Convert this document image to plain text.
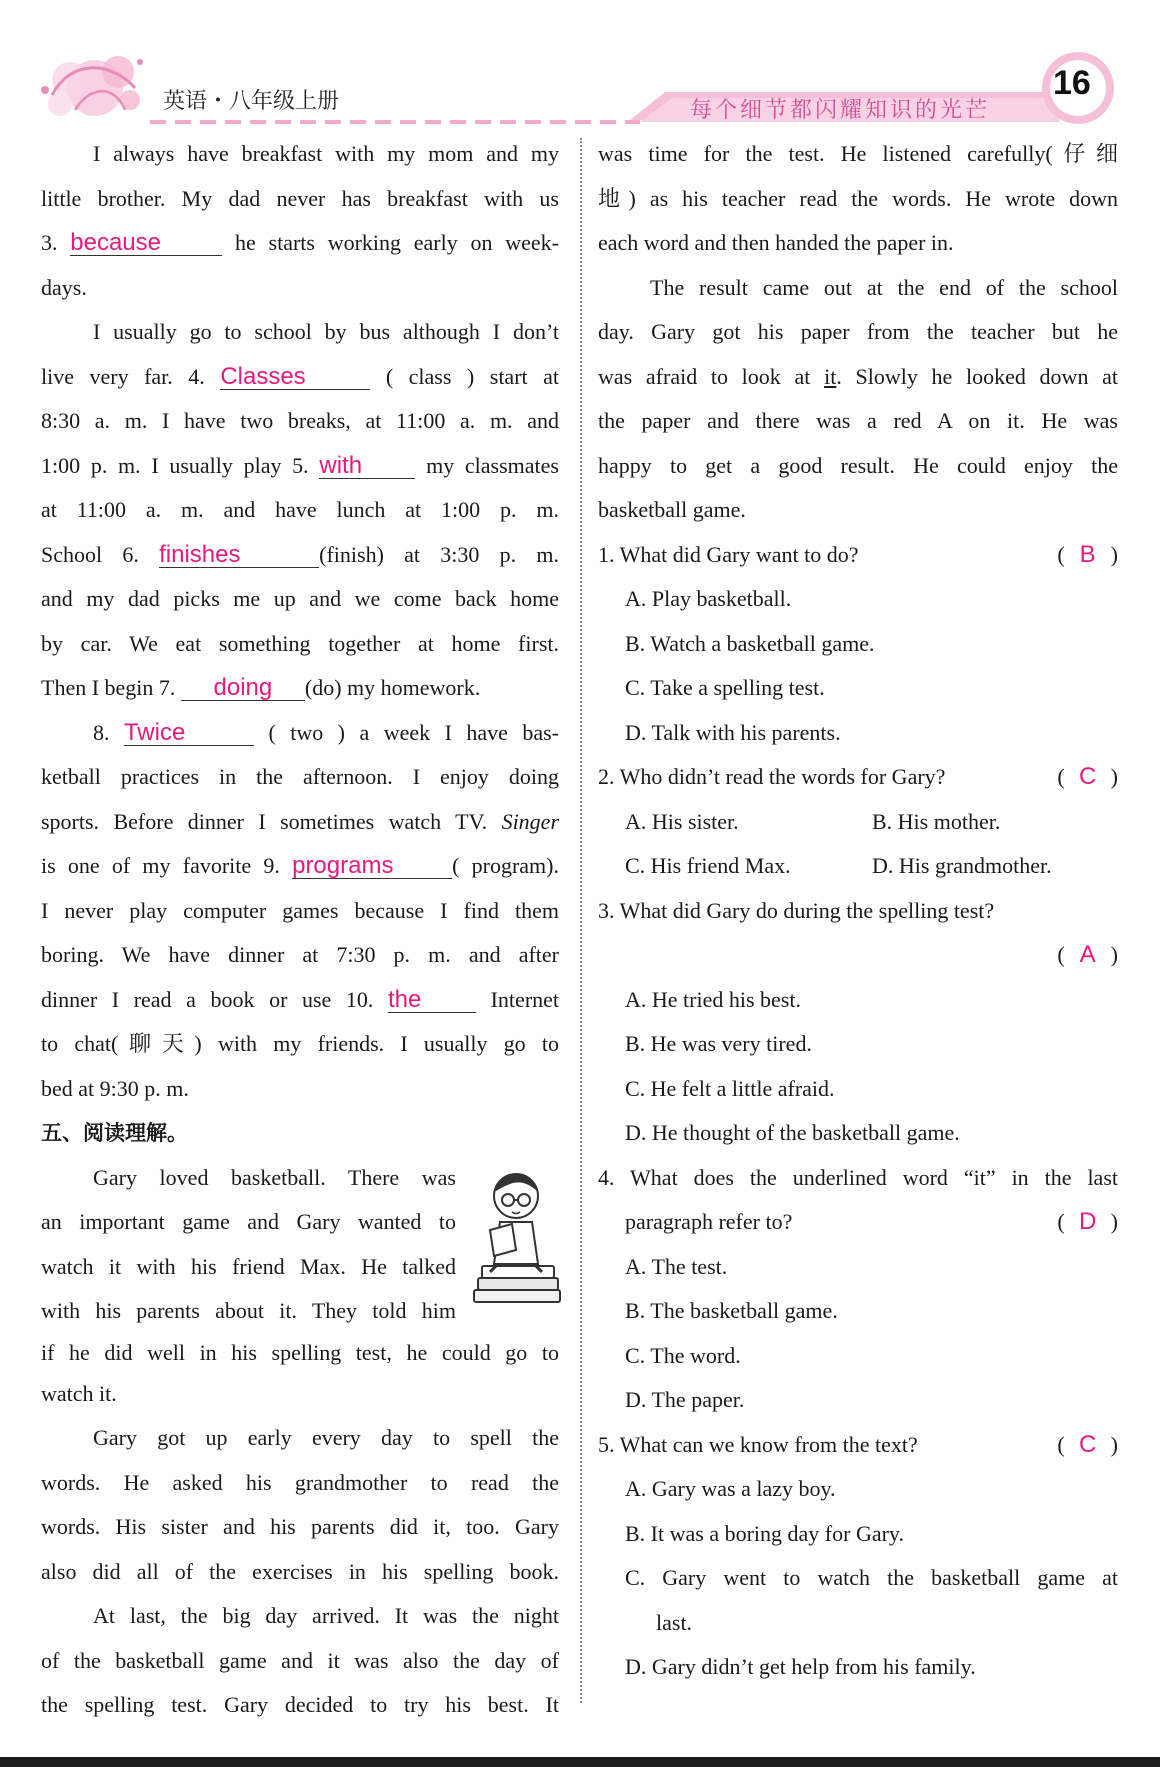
英语・八年级上册	每个细节都闪耀知识的光芒
16

I always have breakfast with my mom and my

little brother. My dad never has breakfast with us

3. because	he starts working early on week-

days.

I usually go to school by bus although I don’t

live very far. 4. Classes	( class ) start at

8:30 a. m. I have two breaks, at 11:00 a. m. and

1:00 p. m. I usually play 5. with	my classmates

at 11:00 a. m. and have lunch at 1:00 p. m.

School 6. finishes	(finish) at 3:30 p. m.

and my dad picks me up and we come back home

by car. We eat something together at home first.

Then I begin 7. doing (do) my homework.

8. Twice	( two ) a week I have bas-

ketball practices in the afternoon. I enjoy doing

sports. Before dinner I sometimes watch TV. Singer

is one of my favorite 9. programs	( program).

I never play computer games because I find them

boring. We have dinner at 7:30 p. m. and after

dinner I read a book or use 10. the	Internet

to chat(聊天) with my friends. I usually go to

bed at 9:30 p. m.

五、阅读理解。

Gary loved basketball. There was

an important game and Gary wanted to

watch it with his friend Max. He talked

with his parents about it. They told him

if he did well in his spelling test, he could go to

watch it.

Gary got up early every day to spell the

words. He asked his grandmother to read the

words. His sister and his parents did it, too. Gary

also did all of the exercises in his spelling book.

At last, the big day arrived. It was the night

of the basketball game and it was also the day of

the spelling test. Gary decided to try his best. It

was time for the test. He listened carefully(仔细

地) as his teacher read the words. He wrote down

each word and then handed the paper in.

The result came out at the end of the school

day. Gary got his paper from the teacher but he

was afraid to look at it. Slowly he looked down at

the paper and there was a red A on it. He was

happy to get a good result. He could enjoy the

basketball game.

1. What did Gary want to do?	( B )

A. Play basketball.

B. Watch a basketball game.

C. Take a spelling test.

D. Talk with his parents.

2. Who didn’t read the words for Gary?	( C )

A. His sister.	B. His mother.

C. His friend Max.	D. His grandmother.

3. What did Gary do during the spelling test?

( A )

A. He tried his best.

B. He was very tired.

C. He felt a little afraid.

D. He thought of the basketball game.

4. What does the underlined word “it” in the last

paragraph refer to?	( D )

A. The test.

B. The basketball game.

C. The word.

D. The paper.

5. What can we know from the text?	( C )

A. Gary was a lazy boy.

B. It was a boring day for Gary.

C. Gary went to watch the basketball game at

last.

D. Gary didn’t get help from his family.
